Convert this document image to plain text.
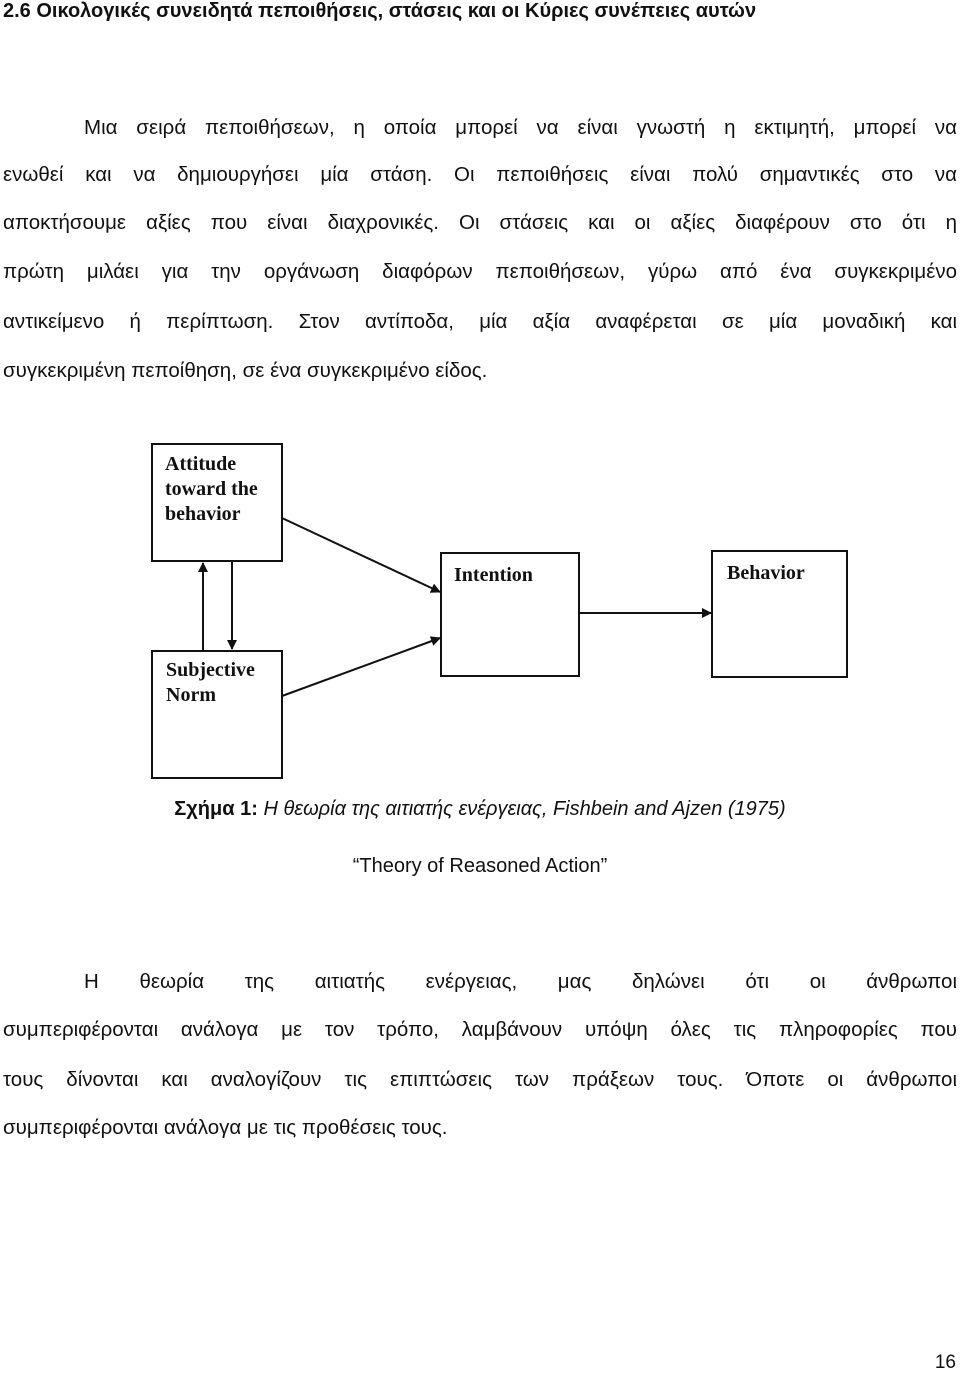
2.6 Οικολογικές συνειδητά πεποιθήσεις, στάσεις και οι Κύριες συνέπειες αυτών
Μια σειρά πεποιθήσεων, η οποία μπορεί να είναι γνωστή η εκτιμητή, μπορεί να
ενωθεί και να δημιουργήσει μία στάση. Οι πεποιθήσεις είναι πολύ σημαντικές στο να
αποκτήσουμε αξίες που είναι διαχρονικές. Οι στάσεις και οι αξίες διαφέρουν στο ότι η
πρώτη μιλάει για την οργάνωση διαφόρων πεποιθήσεων, γύρω από ένα συγκεκριμένο
αντικείμενο ή περίπτωση. Στον αντίποδα, μία αξία αναφέρεται σε μία μοναδική και
συγκεκριμένη πεποίθηση, σε ένα συγκεκριμένο είδος.
Attitude
toward the
behavior
Subjective
Norm
Intention	Behavior
Σχήμα 1: Η θεωρία της αιτιατής ενέργειας, Fishbein and Ajzen (1975)
“Theory of Reasoned Action”
Η θεωρία της αιτιατής ενέργειας, μας δηλώνει ότι οι άνθρωποι
συμπεριφέρονται ανάλογα με τον τρόπο, λαμβάνουν υπόψη όλες τις πληροφορίες που
τους δίνονται και αναλογίζουν τις επιπτώσεις των πράξεων τους. Όποτε οι άνθρωποι
συμπεριφέρονται ανάλογα με τις προθέσεις τους.
16
